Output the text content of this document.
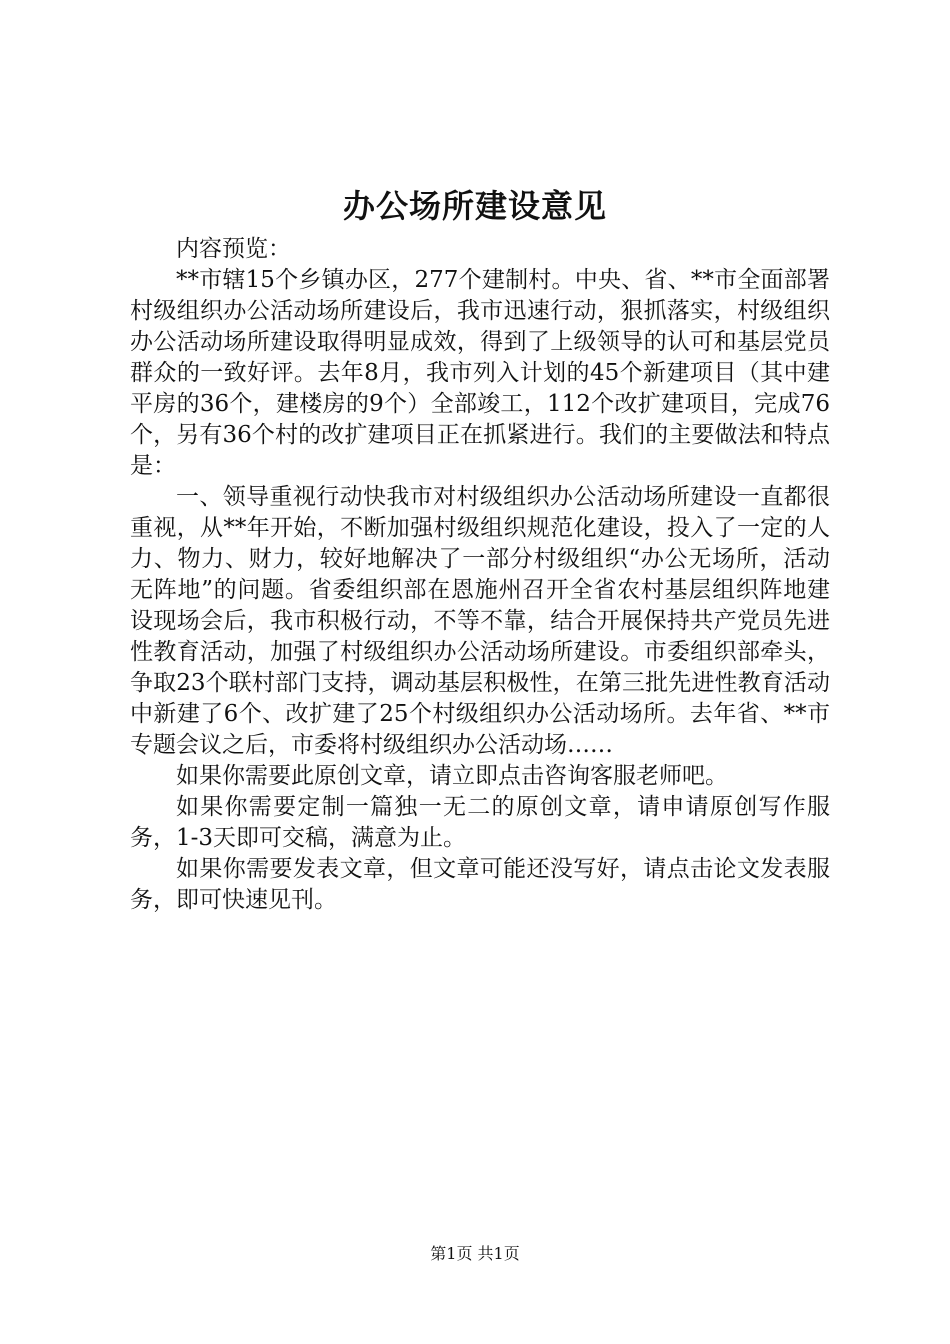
办公场所建设意见

内容预览：

**市辖15个乡镇办区，277个建制村。中央、省、**市全面部署村级组织办公活动场所建设后，我市迅速行动，狠抓落实，村级组织办公活动场所建设取得明显成效，得到了上级领导的认可和基层党员群众的一致好评。去年8月，我市列入计划的45个新建项目（其中建平房的36个，建楼房的9个）全部竣工，112个改扩建项目，完成76个，另有36个村的改扩建项目正在抓紧进行。我们的主要做法和特点是：

一、领导重视行动快我市对村级组织办公活动场所建设一直都很重视，从**年开始，不断加强村级组织规范化建设，投入了一定的人力、物力、财力，较好地解决了一部分村级组织“办公无场所，活动无阵地”的问题。省委组织部在恩施州召开全省农村基层组织阵地建设现场会后，我市积极行动，不等不靠，结合开展保持共产党员先进性教育活动，加强了村级组织办公活动场所建设。市委组织部牵头，争取23个联村部门支持，调动基层积极性，在第三批先进性教育活动中新建了6个、改扩建了25个村级组织办公活动场所。去年省、**市专题会议之后，市委将村级组织办公活动场……

如果你需要此原创文章，请立即点击咨询客服老师吧。

如果你需要定制一篇独一无二的原创文章，请申请原创写作服务，1-3天即可交稿，满意为止。

如果你需要发表文章，但文章可能还没写好，请点击论文发表服务，即可快速见刊。

第1页 共1页
